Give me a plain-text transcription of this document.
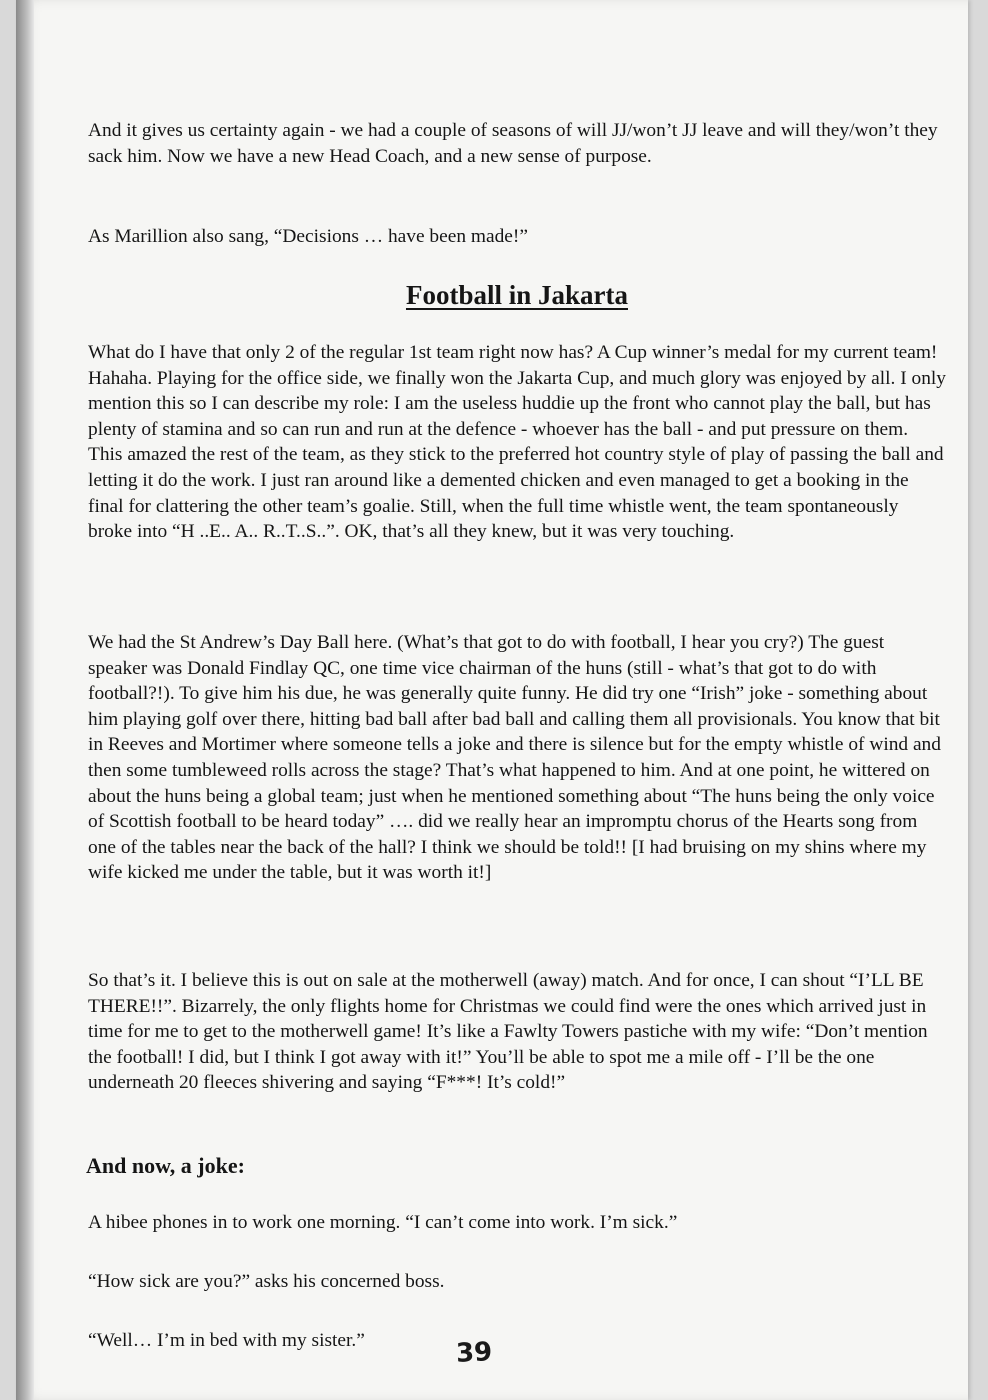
And it gives us certainty again - we had a couple of seasons of will JJ/won’t JJ leave and will they/won’t they sack him. Now we have a new Head Coach, and a new sense of purpose.

As Marillion also sang, “Decisions … have been made!”

Football in Jakarta

What do I have that only 2 of the regular 1st team right now has? A Cup winner’s medal for my current team! Hahaha. Playing for the office side, we finally won the Jakarta Cup, and much glory was enjoyed by all. I only mention this so I can describe my role: I am the useless huddie up the front who cannot play the ball, but has plenty of stamina and so can run and run at the defence - whoever has the ball - and put pressure on them. This amazed the rest of the team, as they stick to the preferred hot country style of play of passing the ball and letting it do the work. I just ran around like a demented chicken and even managed to get a booking in the final for clattering the other team’s goalie. Still, when the full time whistle went, the team spontaneously broke into “H ..E.. A.. R..T..S..”. OK, that’s all they knew, but it was very touching.

We had the St Andrew’s Day Ball here. (What’s that got to do with football, I hear you cry?) The guest speaker was Donald Findlay QC, one time vice chairman of the huns (still - what’s that got to do with football?!). To give him his due, he was generally quite funny. He did try one “Irish” joke - something about him playing golf over there, hitting bad ball after bad ball and calling them all provisionals. You know that bit in Reeves and Mortimer where someone tells a joke and there is silence but for the empty whistle of wind and then some tumbleweed rolls across the stage? That’s what happened to him. And at one point, he wittered on about the huns being a global team; just when he mentioned something about “The huns being the only voice of Scottish football to be heard today” …. did we really hear an impromptu chorus of the Hearts song from one of the tables near the back of the hall? I think we should be told!! [I had bruising on my shins where my wife kicked me under the table, but it was worth it!]

So that’s it. I believe this is out on sale at the motherwell (away) match. And for once, I can shout “I’LL BE THERE!!”. Bizarrely, the only flights home for Christmas we could find were the ones which arrived just in time for me to get to the motherwell game! It’s like a Fawlty Towers pastiche with my wife: “Don’t mention the football! I did, but I think I got away with it!” You’ll be able to spot me a mile off - I’ll be the one underneath 20 fleeces shivering and saying “F***! It’s cold!”

And now, a joke:

A hibee phones in to work one morning. “I can’t come into work. I’m sick.”

“How sick are you?” asks his concerned boss.

“Well… I’m in bed with my sister.”	39
